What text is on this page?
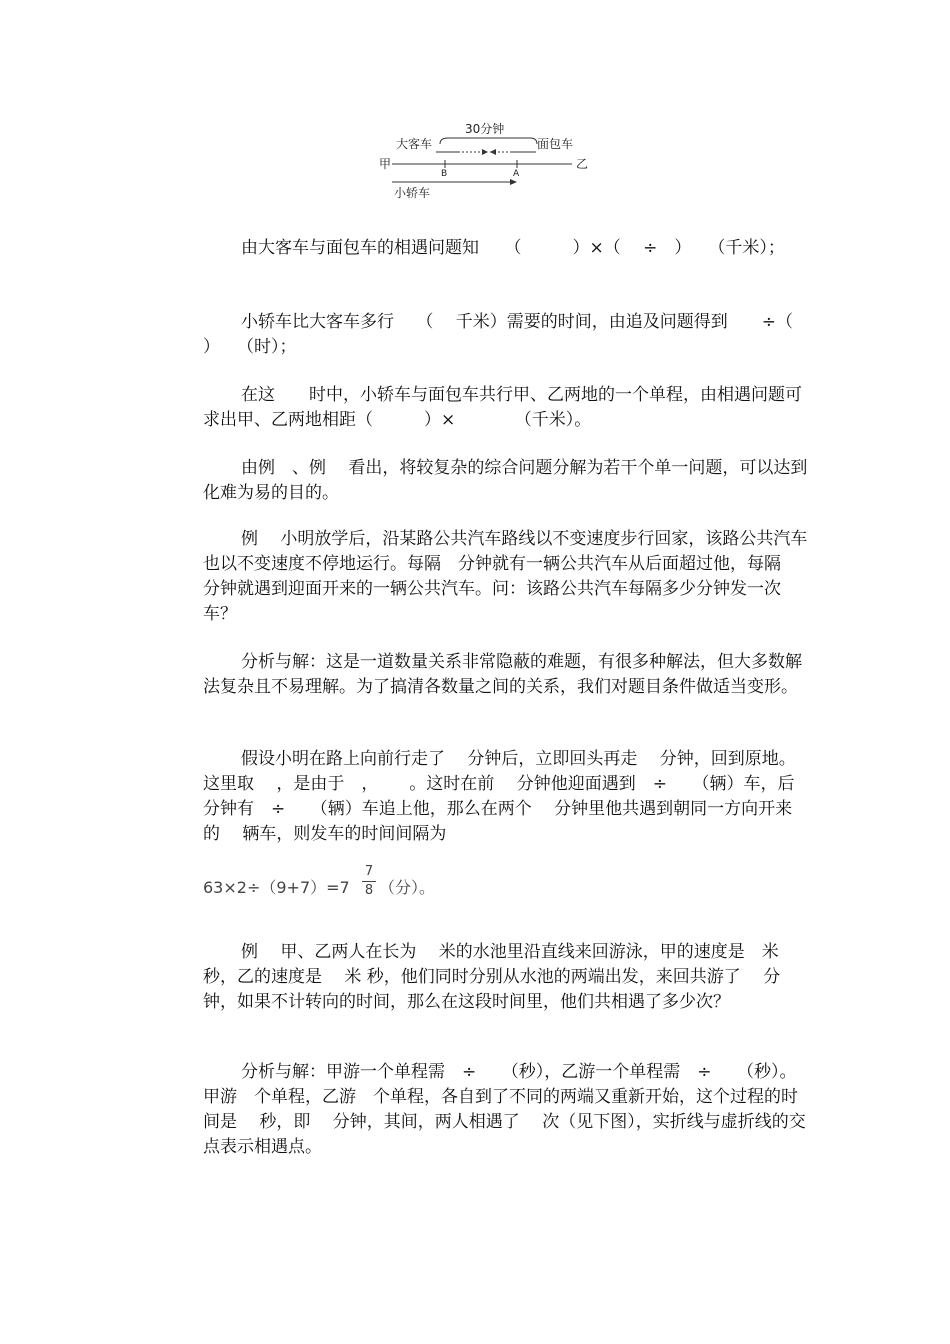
30分钟
大客车	面包车
甲	乙
小轿车
B	A

由大客车与面包车的相遇问题知　　（　　　）×（　 ÷　）　　（千米）；

小轿车比大客车多行　 （　 千米）需要的时间，由追及问题得到　　÷（　　　）　　（时）；

在这　　时中，小轿车与面包车共行甲、乙两地的一个单程，由相遇问题可求出甲、乙两地相距（　　　）×　　　　（千米）。

由例　、例　 看出，将较复杂的综合问题分解为若干个单一问题，可以达到化难为易的目的。

例　 小明放学后，沿某路公共汽车路线以不变速度步行回家，该路公共汽车也以不变速度不停地运行。每隔　分钟就有一辆公共汽车从后面超过他，每隔　分钟就遇到迎面开来的一辆公共汽车。问：该路公共汽车每隔多少分钟发一次车？

分析与解：这是一道数量关系非常隐蔽的难题，有很多种解法，但大多数解法复杂且不易理解。为了搞清各数量之间的关系，我们对题目条件做适当变形。

假设小明在路上向前行走了　 分钟后，立即回头再走　 分钟，回到原地。这里取　 ，是由于　，　　 。这时在前　 分钟他迎面遇到　÷　　（辆）车，后　 分钟有　÷　　（辆）车追上他，那么在两个　 分钟里他共遇到朝同一方向开来的　 辆车，则发车的时间间隔为

63×2÷（9+7）=7
7
8 （分）。

例　 甲、乙两人在长为　 米的水池里沿直线来回游泳，甲的速度是　米 秒，乙的速度是　 米 秒，他们同时分别从水池的两端出发，来回共游了　 分钟，如果不计转向的时间，那么在这段时间里，他们共相遇了多少次？

分析与解：甲游一个单程需　÷　　（秒），乙游一个单程需　÷　　（秒）。甲游　个单程，乙游　个单程，各自到了不同的两端又重新开始，这个过程的时间是　 秒，即　 分钟，其间，两人相遇了　 次（见下图），实折线与虚折线的交点表示相遇点。
